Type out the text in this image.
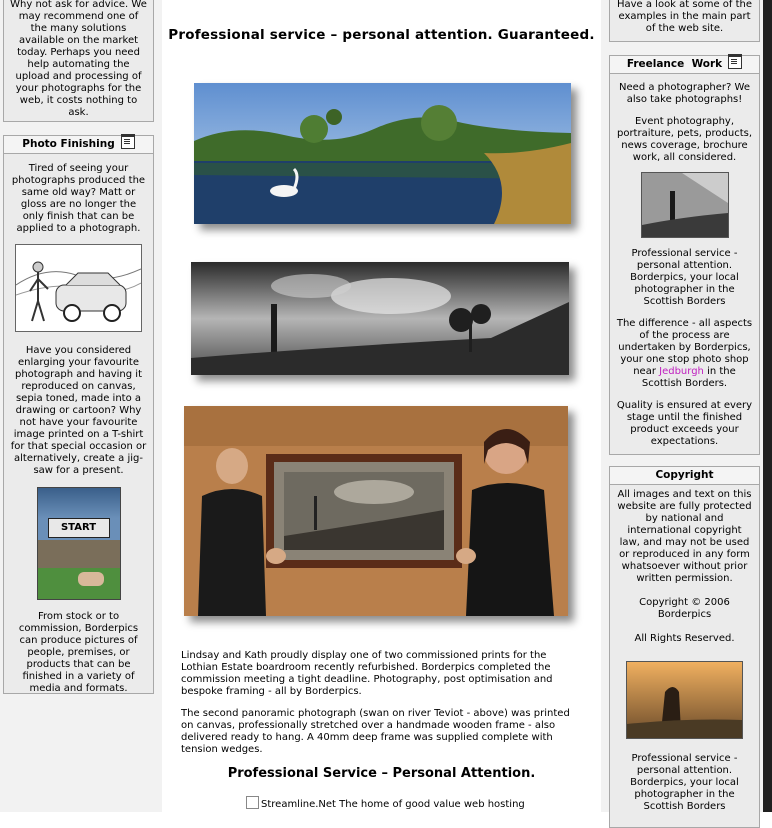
Why not ask for advice. We may recommend one of the many solutions available on the market today. Perhaps you need help automating the upload and processing of your photographs for the web, it costs nothing to ask.

Photo Finishing

Tired of seeing your photographs produced the same old way? Matt or gloss are no longer the only finish that can be applied to a photograph.

Have you considered enlarging your favourite photograph and having it reproduced on canvas, sepia toned, made into a drawing or cartoon? Why not have your favourite image printed on a T-shirt for that special occasion or alternatively, create a jig-saw for a present.

START

From stock or to commission, Borderpics can produce pictures of people, premises, or products that can be finished in a variety of media and formats.

Professional service – personal attention. Guaranteed.
Lindsay and Kath proudly display one of two commissioned prints for the Lothian Estate boardroom recently refurbished. Borderpics completed the commission meeting a tight deadline. Photography, post optimisation and bespoke framing - all by Borderpics.
The second panoramic photograph (swan on river Teviot - above) was printed on canvas, professionally stretched over a handmade wooden frame - also delivered ready to hang. A 40mm deep frame was supplied complete with tension wedges.
Professional Service – Personal Attention.
Streamline.Net The home of good value web hosting

Have a look at some of the examples in the main part of the web site.

Freelance  Work

Need a photographer? We also take photographs!

Event photography, portraiture, pets, products, news coverage, brochure work, all considered.

Professional service - personal attention. Borderpics, your local photographer in the Scottish Borders

The difference - all aspects of the process are undertaken by Borderpics, your one stop photo shop near Jedburgh in the Scottish Borders.

Quality is ensured at every stage until the finished product exceeds your expectations.

Copyright

All images and text on this website are fully protected by national and international copyright law, and may not be used or reproduced in any form whatsoever without prior written permission.

Copyright © 2006 Borderpics

All Rights Reserved.

Professional service - personal attention. Borderpics, your local photographer in the Scottish Borders
